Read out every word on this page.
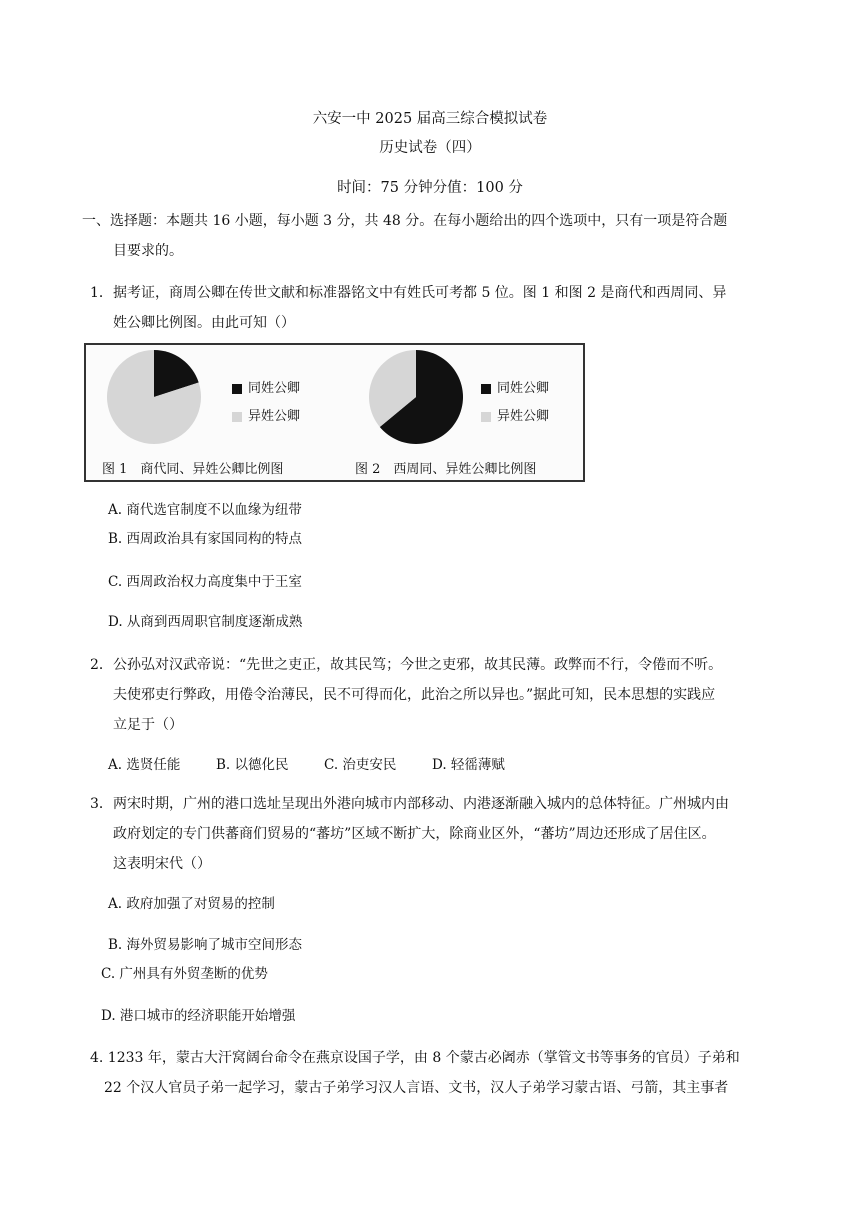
六安一中 2025 届高三综合模拟试卷
历史试卷（四）
时间：75 分钟分值：100 分
一、选择题：本题共 16 小题，每小题 3 分，共 48 分。在每小题给出的四个选项中，只有一项是符合题
目要求的。
1． 据考证，商周公卿在传世文献和标准器铭文中有姓氏可考都 5 位。图 1 和图 2 是商代和西周同、异
姓公卿比例图。由此可知（）
同姓公卿
异姓公卿
同姓公卿
异姓公卿
图 1　商代同、异姓公卿比例图	图 2　西周同、异姓公卿比例图
A. 商代选官制度不以血缘为纽带
B. 西周政治具有家国同构的特点
C. 西周政治权力高度集中于王室
D. 从商到西周职官制度逐渐成熟
2． 公孙弘对汉武帝说：“先世之吏正，故其民笃；今世之吏邪，故其民薄。政弊而不行，令倦而不听。
夫使邪吏行弊政，用倦令治薄民，民不可得而化，此治之所以异也。”据此可知，民本思想的实践应
立足于（）
A. 选贤任能	B. 以德化民	C. 治吏安民	D. 轻徭薄赋
3． 两宋时期，广州的港口选址呈现出外港向城市内部移动、内港逐渐融入城内的总体特征。广州城内由
政府划定的专门供蕃商们贸易的“蕃坊”区域不断扩大，除商业区外，“蕃坊”周边还形成了居住区。
这表明宋代（）
A. 政府加强了对贸易的控制
B. 海外贸易影响了城市空间形态
C. 广州具有外贸垄断的优势
D. 港口城市的经济职能开始增强
4. 1233 年，蒙古大汗窝阔台命令在燕京设国子学，由 8 个蒙古必阇赤（掌管文书等事务的官员）子弟和
22 个汉人官员子弟一起学习，蒙古子弟学习汉人言语、文书，汉人子弟学习蒙古语、弓箭，其主事者
